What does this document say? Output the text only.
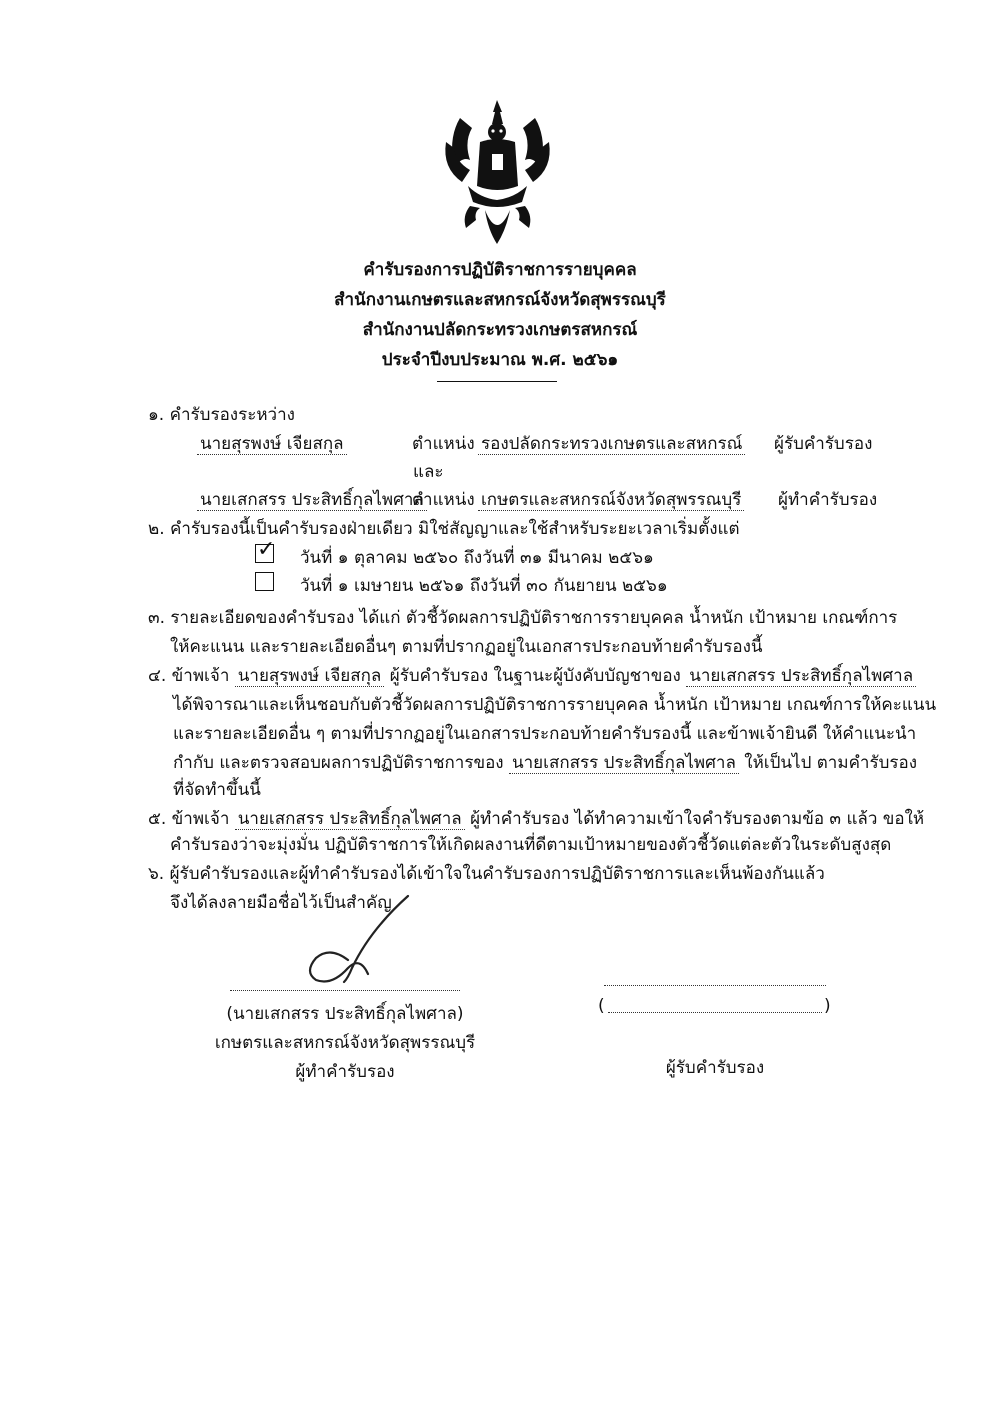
คำรับรองการปฏิบัติราชการรายบุคคล
สำนักงานเกษตรและสหกรณ์จังหวัดสุพรรณบุรี
สำนักงานปลัดกระทรวงเกษตรสหกรณ์
ประจำปีงบประมาณ พ.ศ. ๒๕๖๑
๑. คำรับรองระหว่าง
นายสุรพงษ์ เจียสกุล	ตำแหน่ง รองปลัดกระทรวงเกษตรและสหกรณ์ ผู้รับคำรับรอง
และ
นายเสกสรร ประสิทธิ์กุลไพศาล
ตำแหน่ง เกษตรและสหกรณ์จังหวัดสุพรรณบุรี ผู้ทำคำรับรอง
๒. คำรับรองนี้เป็นคำรับรองฝ่ายเดียว มิใช่สัญญาและใช้สำหรับระยะเวลาเริ่มตั้งแต่
✓ วันที่ ๑ ตุลาคม ๒๕๖๐ ถึงวันที่ ๓๑ มีนาคม ๒๕๖๑
วันที่ ๑ เมษายน ๒๕๖๑ ถึงวันที่ ๓๐ กันยายน ๒๕๖๑
๓. รายละเอียดของคำรับรอง ได้แก่ ตัวชี้วัดผลการปฏิบัติราชการรายบุคคล น้ำหนัก เป้าหมาย เกณฑ์การ
ให้คะแนน และรายละเอียดอื่นๆ ตามที่ปรากฏอยู่ในเอกสารประกอบท้ายคำรับรองนี้
๔. ข้าพเจ้า นายสุรพงษ์ เจียสกุล ผู้รับคำรับรอง ในฐานะผู้บังคับบัญชาของ นายเสกสรร ประสิทธิ์กุลไพศาล
ได้พิจารณาและเห็นชอบกับตัวชี้วัดผลการปฏิบัติราชการรายบุคคล น้ำหนัก เป้าหมาย เกณฑ์การให้คะแนน
และรายละเอียดอื่น ๆ ตามที่ปรากฏอยู่ในเอกสารประกอบท้ายคำรับรองนี้ และข้าพเจ้ายินดี ให้คำแนะนำ
กำกับ และตรวจสอบผลการปฏิบัติราชการของ นายเสกสรร ประสิทธิ์กุลไพศาล ให้เป็นไป ตามคำรับรอง
ที่จัดทำขึ้นนี้
๕. ข้าพเจ้า นายเสกสรร ประสิทธิ์กุลไพศาล ผู้ทำคำรับรอง ได้ทำความเข้าใจคำรับรองตามข้อ ๓ แล้ว ขอให้
คำรับรองว่าจะมุ่งมั่น ปฏิบัติราชการให้เกิดผลงานที่ดีตามเป้าหมายของตัวชี้วัดแต่ละตัวในระดับสูงสุด
๖. ผู้รับคำรับรองและผู้ทำคำรับรองได้เข้าใจในคำรับรองการปฏิบัติราชการและเห็นพ้องกันแล้ว
จึงได้ลงลายมือชื่อไว้เป็นสำคัญ
(นายเสกสรร ประสิทธิ์กุลไพศาล)
เกษตรและสหกรณ์จังหวัดสุพรรณบุรี
ผู้ทำคำรับรอง
(	)
ผู้รับคำรับรอง
